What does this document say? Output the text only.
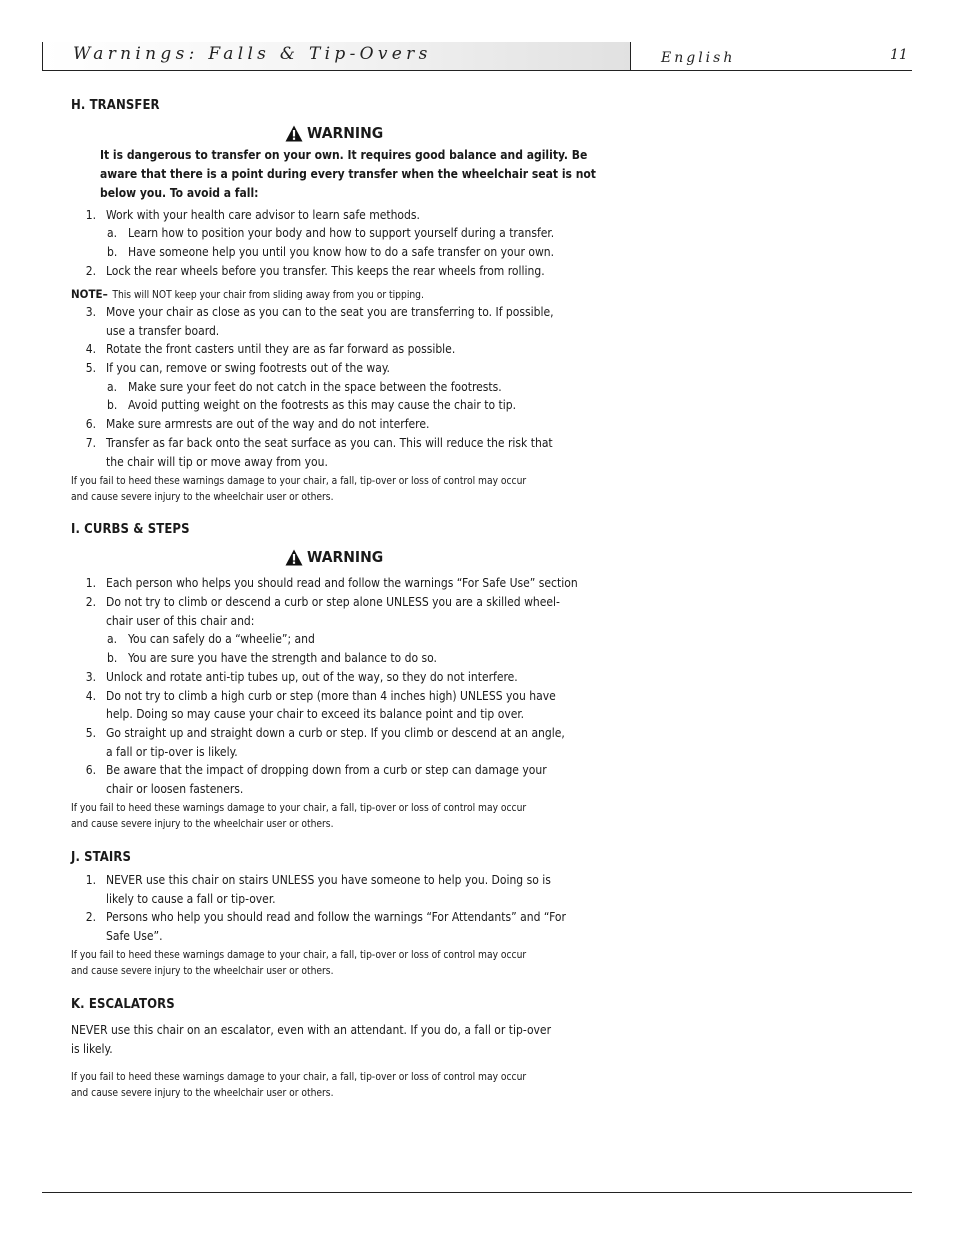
Warnings: Falls & Tip-Overs	English	11
H. TRANSFER
WARNING
It is dangerous to transfer on your own. It requires good balance and agility. Be
aware that there is a point during every transfer when the wheelchair seat is not
below you. To avoid a fall:
1. Work with your health care advisor to learn safe methods.
a. Learn how to position your body and how to support yourself during a transfer.
b. Have someone help you until you know how to do a safe transfer on your own.
2. Lock the rear wheels before you transfer. This keeps the rear wheels from rolling.
NOTE– This will NOT keep your chair from sliding away from you or tipping.
3. Move your chair as close as you can to the seat you are transferring to. If possible,
use a transfer board.
4. Rotate the front casters until they are as far forward as possible.
5. If you can, remove or swing footrests out of the way.
a. Make sure your feet do not catch in the space between the footrests.
b. Avoid putting weight on the footrests as this may cause the chair to tip.
6. Make sure armrests are out of the way and do not interfere.
7. Transfer as far back onto the seat surface as you can. This will reduce the risk that
the chair will tip or move away from you.
If you fail to heed these warnings damage to your chair, a fall, tip-over or loss of control may occur
and cause severe injury to the wheelchair user or others.
I. CURBS & STEPS
WARNING
1. Each person who helps you should read and follow the warnings “For Safe Use” section
2. Do not try to climb or descend a curb or step alone UNLESS you are a skilled wheel-
chair user of this chair and:
a. You can safely do a “wheelie”; and
b. You are sure you have the strength and balance to do so.
3. Unlock and rotate anti-tip tubes up, out of the way, so they do not interfere.
4. Do not try to climb a high curb or step (more than 4 inches high) UNLESS you have
help. Doing so may cause your chair to exceed its balance point and tip over.
5. Go straight up and straight down a curb or step. If you climb or descend at an angle,
a fall or tip-over is likely.
6. Be aware that the impact of dropping down from a curb or step can damage your
chair or loosen fasteners.
If you fail to heed these warnings damage to your chair, a fall, tip-over or loss of control may occur
and cause severe injury to the wheelchair user or others.
J. STAIRS
1. NEVER use this chair on stairs UNLESS you have someone to help you. Doing so is
likely to cause a fall or tip-over.
2. Persons who help you should read and follow the warnings “For Attendants” and “For
Safe Use”.
If you fail to heed these warnings damage to your chair, a fall, tip-over or loss of control may occur
and cause severe injury to the wheelchair user or others.
K. ESCALATORS
NEVER use this chair on an escalator, even with an attendant. If you do, a fall or tip-over
is likely.
If you fail to heed these warnings damage to your chair, a fall, tip-over or loss of control may occur
and cause severe injury to the wheelchair user or others.
